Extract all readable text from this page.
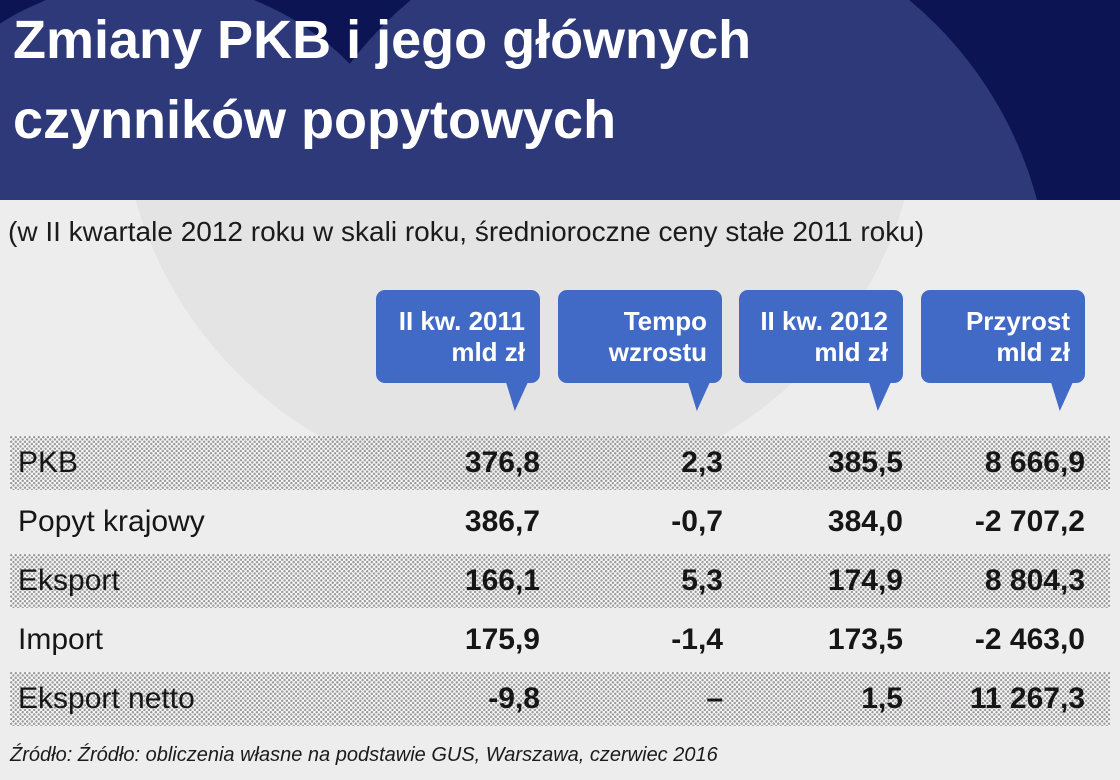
Zmiany PKB i jego głównych
czynników popytowych

(w II kwartale 2012 roku w skali roku, średnioroczne ceny stałe 2011 roku)

II kw. 2011
mld zł
Tempo
wzrostu
II kw. 2012
mld zł
Przyrost
mld zł
PKB	376,8	2,3	385,5	8 666,9
Popyt krajowy	386,7	-0,7	384,0	-2 707,2
Eksport	166,1	5,3	174,9	8 804,3
Import	175,9	-1,4	173,5	-2 463,0
Eksport netto	-9,8	–	1,5	11 267,3

Źródło: Źródło: obliczenia własne na podstawie GUS, Warszawa, czerwiec 2016
